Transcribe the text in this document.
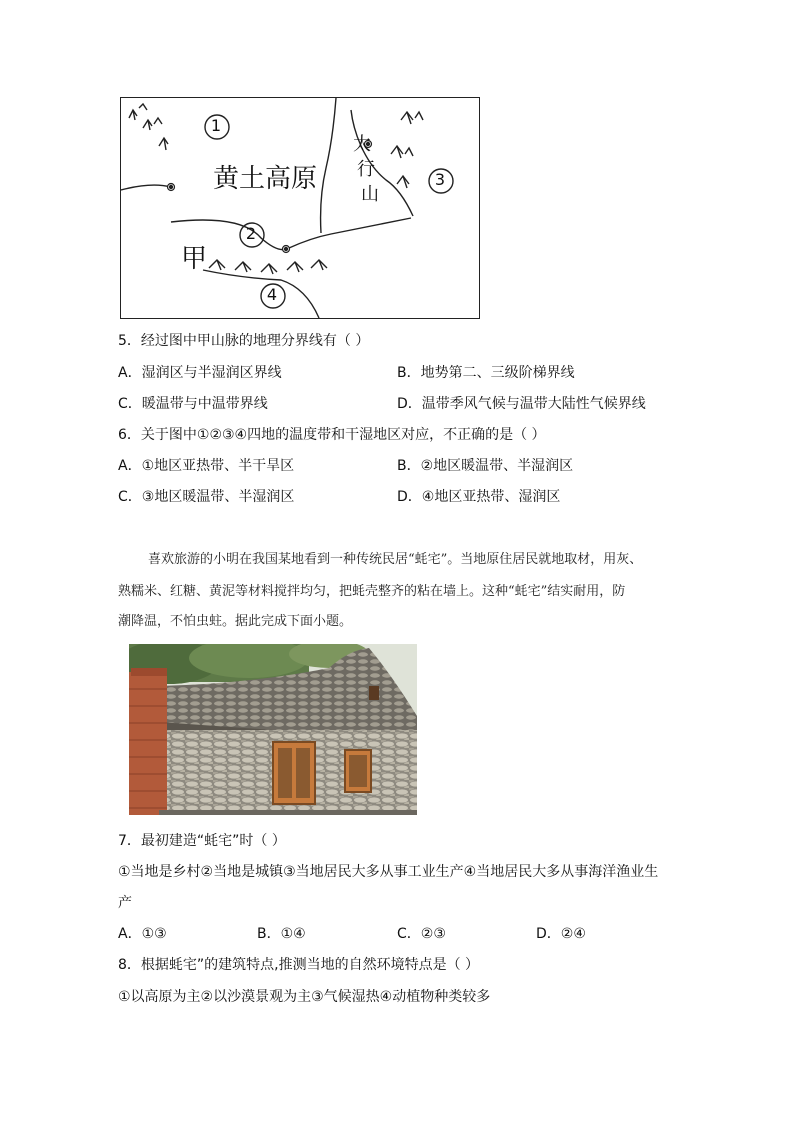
黄土高原
太
行
山
甲
1
2
3
4
5．经过图中甲山脉的地理分界线有（ ）
A．湿润区与半湿润区界线	B．地势第二、三级阶梯界线
C．暖温带与中温带界线	D．温带季风气候与温带大陆性气候界线
6．关于图中①②③④四地的温度带和干湿地区对应，不正确的是（ ）
A．①地区亚热带、半干旱区	B．②地区暖温带、半湿润区
C．③地区暖温带、半湿润区	D．④地区亚热带、湿润区
喜欢旅游的小明在我国某地看到一种传统民居“蚝宅”。当地原住居民就地取材，用灰、
熟糯米、红糖、黄泥等材料搅拌均匀，把蚝壳整齐的粘在墙上。这种“蚝宅”结实耐用，防
潮降温，不怕虫蛀。据此完成下面小题。
7．最初建造“蚝宅”时（ ）
①当地是乡村②当地是城镇③当地居民大多从事工业生产④当地居民大多从事海洋渔业生
产
A．①③	B．①④	C．②③	D．②④
8．根据蚝宅”的建筑特点,推测当地的自然环境特点是（ ）
①以高原为主②以沙漠景观为主③气候湿热④动植物种类较多
